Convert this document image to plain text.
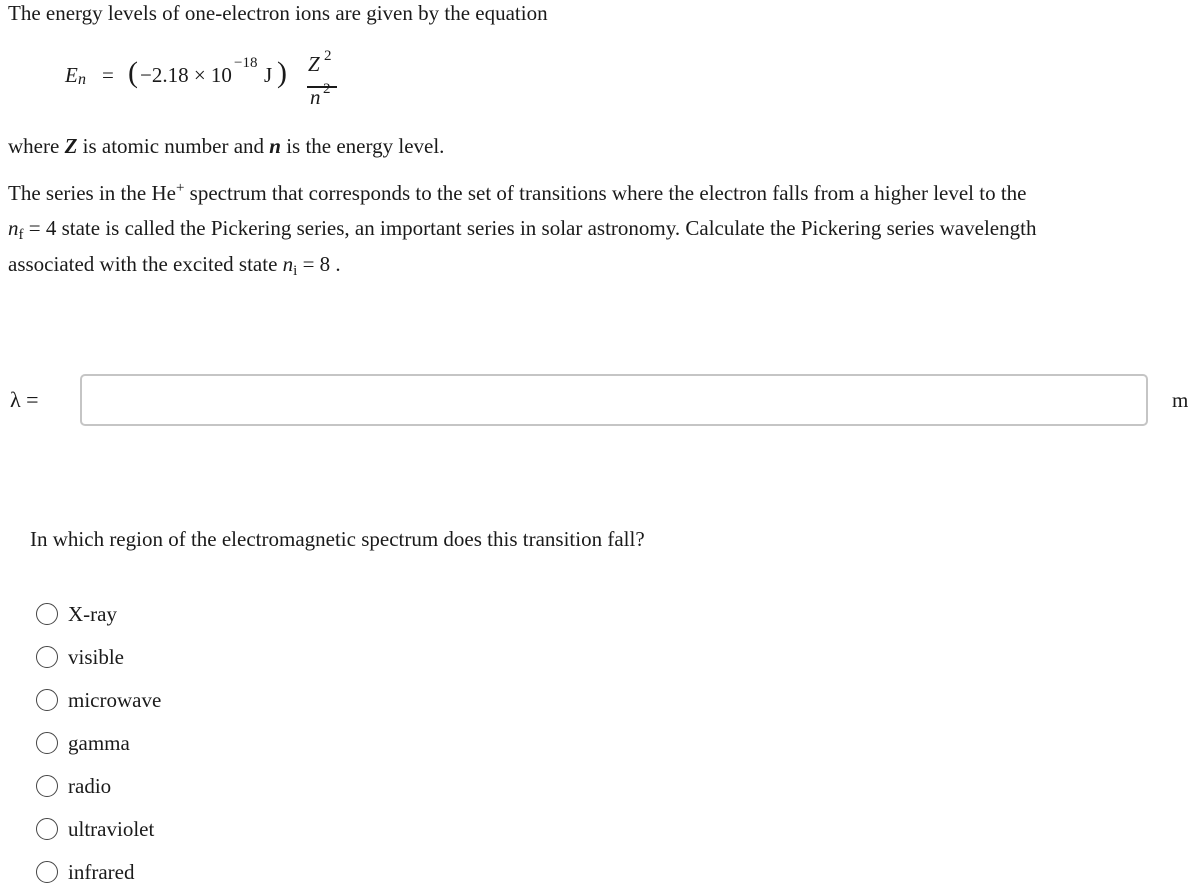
The energy levels of one-electron ions are given by the equation
E n = ( −2.18 × 10 −18 J ) Z 2
n 2
where Z is atomic number and n is the energy level.
The series in the He+ spectrum that corresponds to the set of transitions where the electron falls from a higher level to the
$n_f = 4$ state is called the Pickering series, an important series in solar astronomy. Calculate the Pickering series wavelength
associated with the excited state $n_i = 8$ .
λ =	m
In which region of the electromagnetic spectrum does this transition fall?
X-ray
visible
microwave
gamma
radio
ultraviolet
infrared
